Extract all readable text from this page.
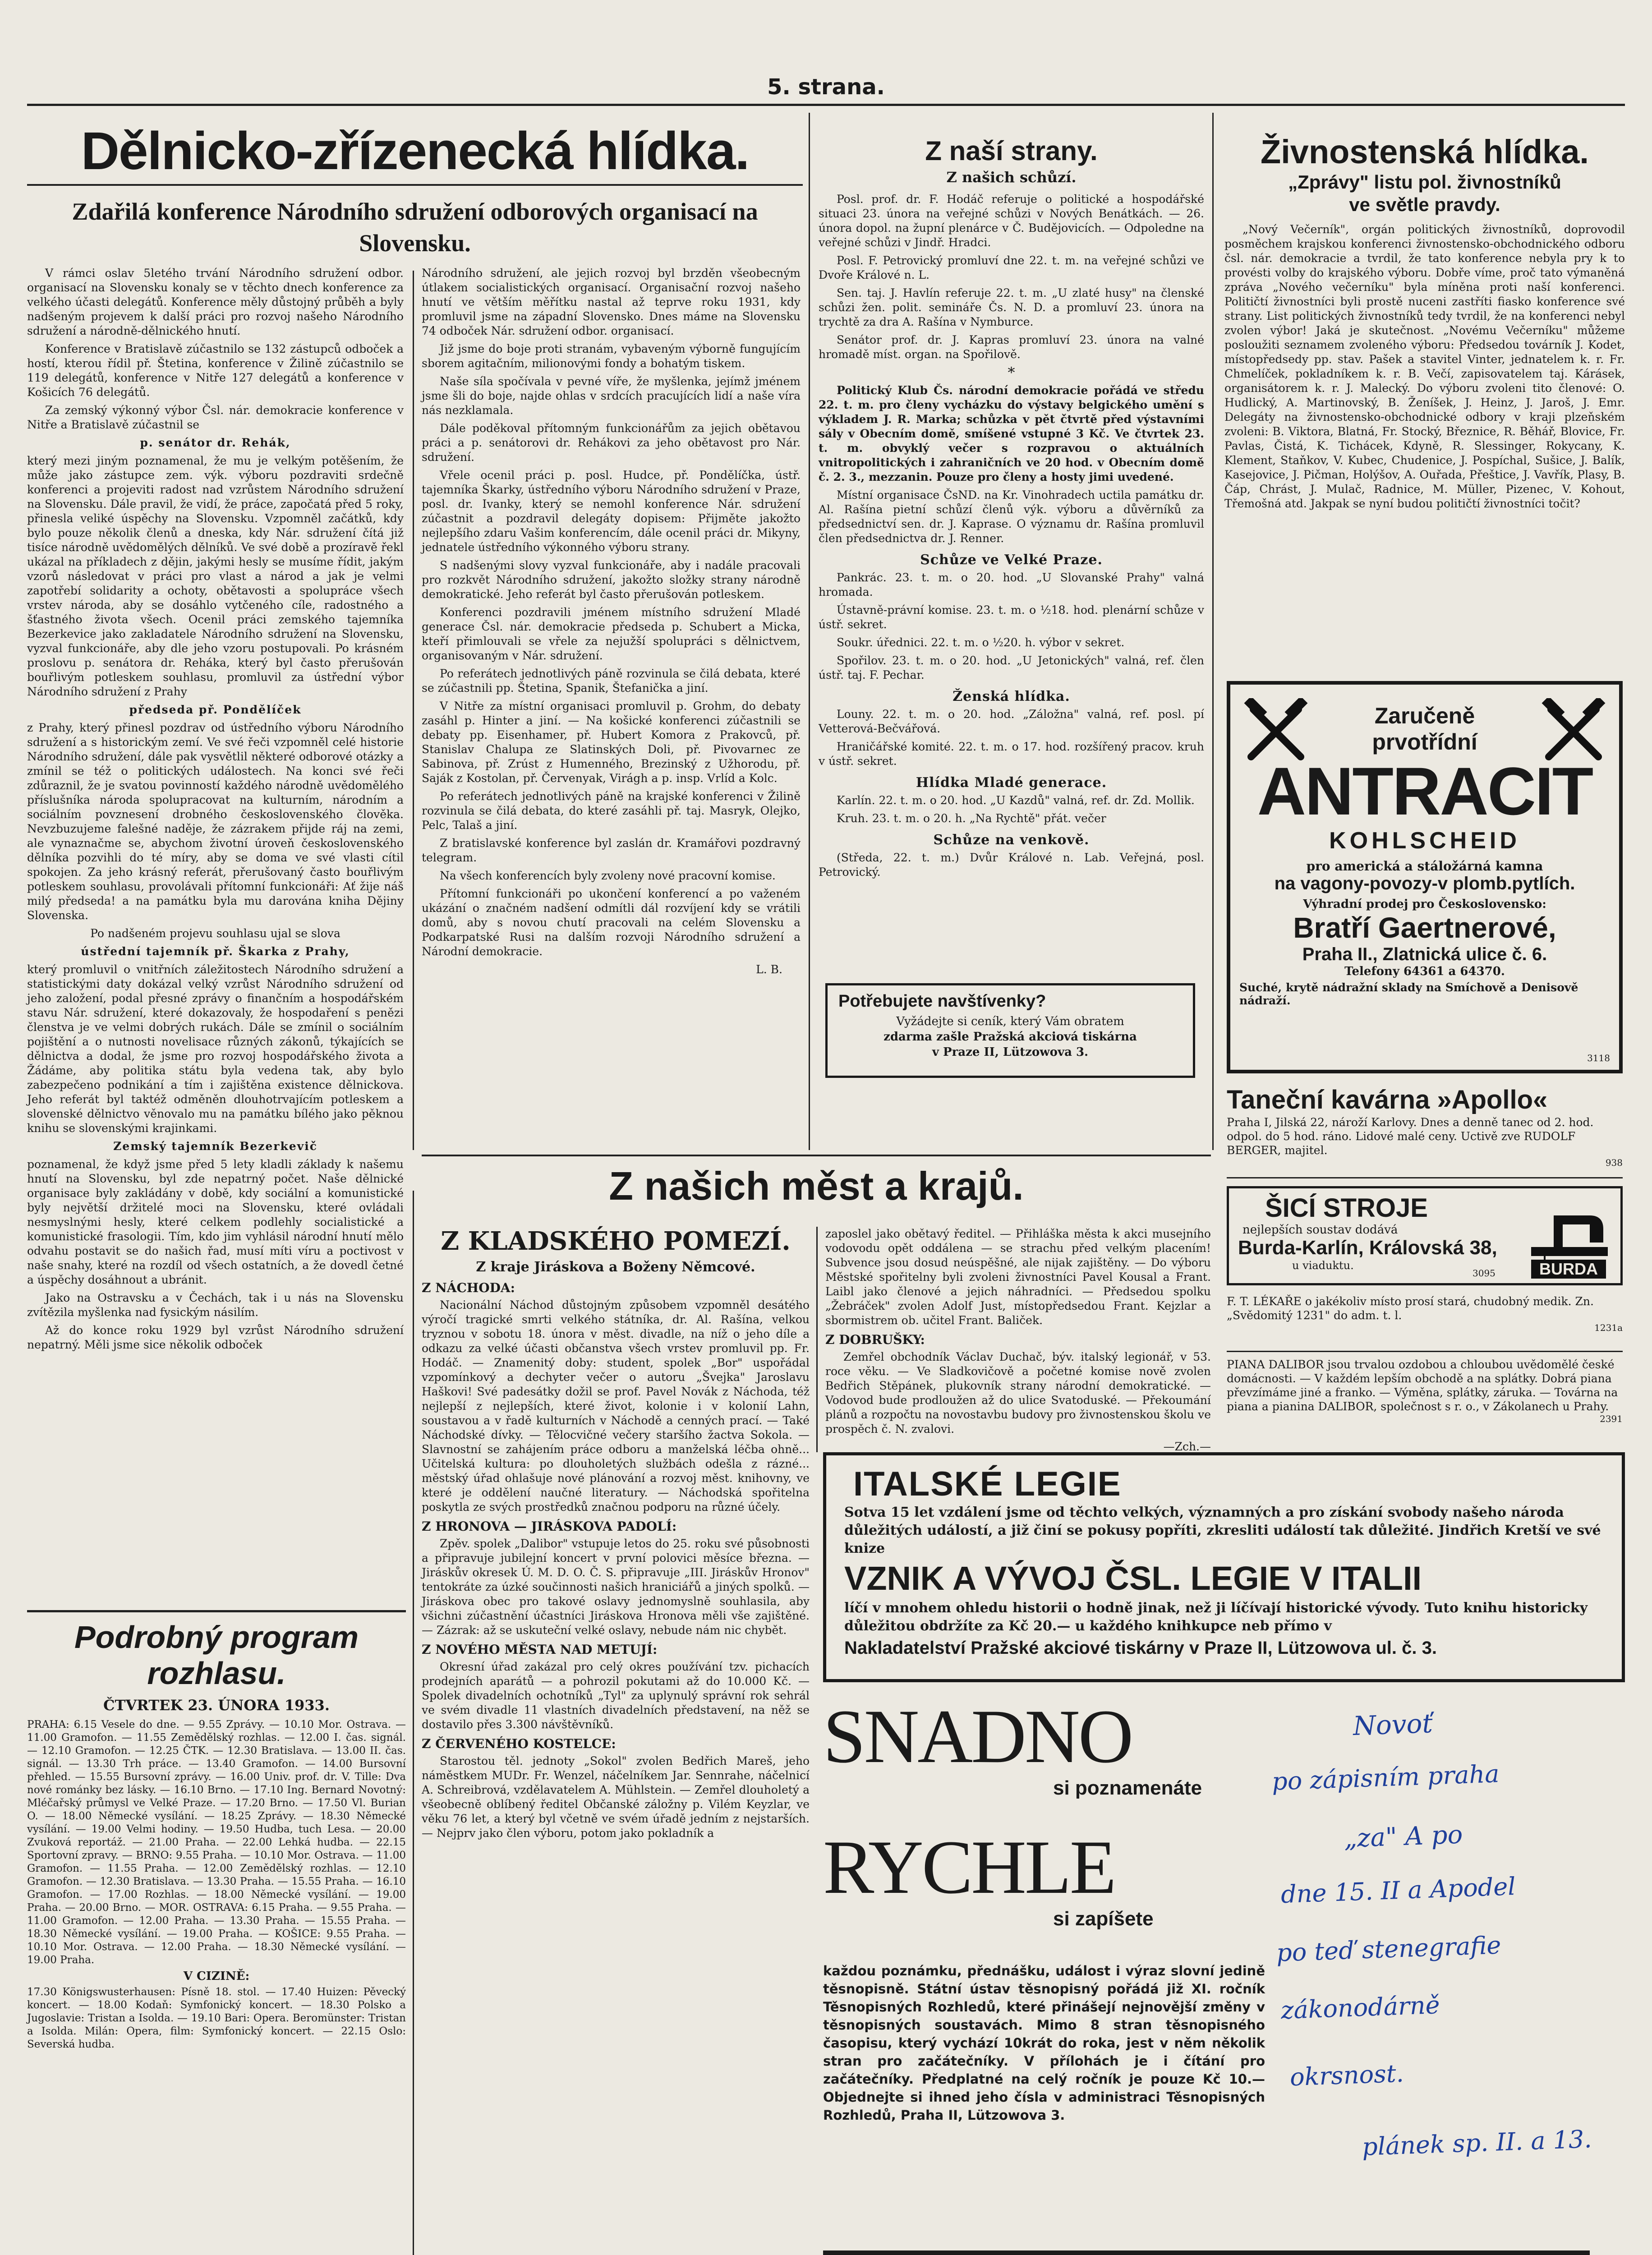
5. strana.
Dělnicko-zřízenecká hlídka.
Zdařilá konference Národního sdružení odborových organisací na Slovensku.

V rámci oslav 5letého trvání Národního sdružení odbor. organisací na Slovensku konaly se v těchto dnech konference za velkého účasti delegátů. Konference měly důstojný průběh a byly nadšeným projevem k další práci pro rozvoj našeho Národního sdružení a národně-dělnického hnutí.

Konference v Bratislavě zúčastnilo se 132 zástupců odboček a hostí, kterou řídil př. Štetina, konference v Žilině zúčastnilo se 119 delegátů, konference v Nitře 127 delegátů a konference v Košicích 76 delegátů.

Za zemský výkonný výbor Čsl. nár. demokracie konference v Nitře a Bratislavě zúčastnil se

p. senátor dr. Rehák,

který mezi jiným poznamenal, že mu je velkým potěšením, že může jako zástupce zem. výk. výboru pozdraviti srdečně konferenci a projeviti radost nad vzrůstem Národního sdružení na Slovensku. Dále pravil, že vidí, že práce, započatá před 5 roky, přinesla veliké úspěchy na Slovensku. Vzpomněl začátků, kdy bylo pouze několik členů a dneska, kdy Nár. sdružení čítá již tisíce národně uvědomělých dělníků. Ve své době a prozíravě řekl ukázal na příkladech z dějin, jakými hesly se musíme řídit, jakým vzorů následovat v práci pro vlast a národ a jak je velmi zapotřebí solidarity a ochoty, obětavosti a spolupráce všech vrstev národa, aby se dosáhlo vytčeného cíle, radostného a šťastného života všech. Ocenil práci zemského tajemníka Bezerkevice jako zakladatele Národního sdružení na Slovensku, vyzval funkcionáře, aby dle jeho vzoru postupovali. Po krásném proslovu p. senátora dr. Reháka, který byl často přerušován bouřlivým potleskem souhlasu, promluvil za ústřední výbor Národního sdružení z Prahy

předseda př. Pondělíček

z Prahy, který přinesl pozdrav od ústředního výboru Národního sdružení a s historickým zemí. Ve své řeči vzpomněl celé historie Národního sdružení, dále pak vysvětlil některé odborové otázky a zmínil se též o politických událostech. Na konci své řeči zdůraznil, že je svatou povinností každého národně uvědomělého příslušníka národa spolupracovat na kulturním, národním a sociálním povznesení drobného československého člověka. Nevzbuzujeme falešné naděje, že zázrakem přijde ráj na zemi, ale vynaznačme se, abychom životní úroveň československého dělníka pozvihli do té míry, aby se doma ve své vlasti cítil spokojen. Za jeho krásný referát, přerušovaný často bouřlivým potleskem souhlasu, provolávali přítomní funkcionáři: Ať žije náš milý předseda! a na památku byla mu darována kniha Dějiny Slovenska.

Po nadšeném projevu souhlasu ujal se slova

ústřední tajemník př. Škarka z Prahy,

který promluvil o vnitřních záležitostech Národního sdružení a statistickými daty dokázal velký vzrůst Národního sdružení od jeho založení, podal přesné zprávy o finančním a hospodářském stavu Nár. sdružení, které dokazovaly, že hospodaření s penězi členstva je ve velmi dobrých rukách. Dále se zmínil o sociálním pojištění a o nutnosti novelisace různých zákonů, týkajících se dělnictva a dodal, že jsme pro rozvoj hospodářského života a Žádáme, aby politika státu byla vedena tak, aby bylo zabezpečeno podnikání a tím i zajištěna existence dělnickova. Jeho referát byl taktéž odměněn dlouhotrvajícím potleskem a slovenské dělnictvo věnovalo mu na památku bílého jako pěknou knihu se slovenskými krajinkami.

Zemský tajemník Bezerkevič

poznamenal, že když jsme před 5 lety kladli základy k našemu hnutí na Slovensku, byl zde nepatrný počet. Naše dělnické organisace byly zakládány v době, kdy sociální a komunistické byly největší držitelé moci na Slovensku, které ovládali nesmyslnými hesly, které celkem podlehly socialistické a komunistické frasologii. Tím, kdo jim vyhlásil národní hnutí mělo odvahu postavit se do našich řad, musí míti víru a poctivost v naše snahy, které na rozdíl od všech ostatních, a že dovedl četné a úspěchy dosáhnout a ubránit.

Jako na Ostravsku a v Čechách, tak i u nás na Slovensku zvítězila myšlenka nad fysickým násilím.

Až do konce roku 1929 byl vzrůst Národního sdružení nepatrný. Měli jsme sice několik odboček

Národního sdružení, ale jejich rozvoj byl brzděn všeobecným útlakem socialistických organisací. Organisační rozvoj našeho hnutí ve větším měřítku nastal až teprve roku 1931, kdy promluvil jsme na západní Slovensko. Dnes máme na Slovensku 74 odboček Nár. sdružení odbor. organisací.

Již jsme do boje proti stranám, vybaveným výborně fungujícím sborem agitačním, milionovými fondy a bohatým tiskem.

Naše síla spočívala v pevné víře, že myšlenka, jejímž jménem jsme šli do boje, najde ohlas v srdcích pracujících lidí a naše víra nás nezklamala.

Dále poděkoval přítomným funkcionářům za jejich obětavou práci a p. senátorovi dr. Rehákovi za jeho obětavost pro Nár. sdružení.

Vřele ocenil práci p. posl. Hudce, př. Pondělíčka, ústř. tajemníka Škarky, ústředního výboru Národního sdružení v Praze, posl. dr. Ivanky, který se nemohl konference Nár. sdružení zúčastnit a pozdravil delegáty dopisem: Přijměte jakožto nejlepšího zdaru Vašim konferencím, dále ocenil práci dr. Mikyny, jednatele ústředního výkonného výboru strany.

S nadšenými slovy vyzval funkcionáře, aby i nadále pracovali pro rozkvět Národního sdružení, jakožto složky strany národně demokratické. Jeho referát byl často přerušován potleskem.

Konferenci pozdravili jménem místního sdružení Mladé generace Čsl. nár. demokracie předseda p. Schubert a Micka, kteří přimlouvali se vřele za nejužší spolupráci s dělnictvem, organisovaným v Nár. sdružení.

Po referátech jednotlivých páně rozvinula se čilá debata, které se zúčastnili pp. Štetina, Spanik, Štefanička a jiní.

V Nitře za místní organisaci promluvil p. Grohm, do debaty zasáhl p. Hinter a jiní. — Na košické konferenci zúčastnili se debaty pp. Eisenhamer, př. Hubert Komora z Prakovců, př. Stanislav Chalupa ze Slatinských Doli, př. Pivovarnec ze Sabinova, př. Zrúst z Humenného, Brezinský z Užhorodu, př. Saják z Kostolan, př. Červenyak, Virágh a p. insp. Vrlíd a Kolc.

Po referátech jednotlivých páně na krajské konferenci v Žilině rozvinula se čilá debata, do které zasáhli př. taj. Masryk, Olejko, Pelc, Talaš a jiní.

Z bratislavské konference byl zaslán dr. Kramářovi pozdravný telegram.

Na všech konferencích byly zvoleny nové pracovní komise.

Přítomní funkcionáři po ukončení konferencí a po važeném ukázání o značném nadšení odmítli dál rozvíjení kdy se vrátili domů, aby s novou chutí pracovali na celém Slovensku a Podkarpatské Rusi na dalším rozvoji Národního sdružení a Národní demokracie.

L. B.

Z naší strany.
Z našich schůzí.

Posl. prof. dr. F. Hodáč referuje o politické a hospodářské situaci 23. února na veřejné schůzi v Nových Benátkách. — 26. února dopol. na župní plenárce v Č. Budějovicích. — Odpoledne na veřejné schůzi v Jindř. Hradci.

Posl. F. Petrovický promluví dne 22. t. m. na veřejné schůzi ve Dvoře Králové n. L.

Sen. taj. J. Havlín referuje 22. t. m. „U zlaté husy" na členské schůzi žen. polit. semináře Čs. N. D. a promluví 23. února na trychtě za dra A. Rašína v Nymburce.

Senátor prof. dr. J. Kapras promluví 23. února na valné hromadě míst. organ. na Spořilově.

*

Politický Klub Čs. národní demokracie pořádá ve středu 22. t. m. pro členy vycházku do výstavy belgického umění s výkladem J. R. Marka; schůzka v pět čtvrtě před výstavními sály v Obecním domě, smíšené vstupné 3 Kč. Ve čtvrtek 23. t. m. obvyklý večer s rozpravou o aktuálních vnitropolitických i zahraničních ve 20 hod. v Obecním domě č. 2. 3., mezzanin. Pouze pro členy a hosty jimi uvedené.

Místní organisace ČsND. na Kr. Vinohradech uctila památku dr. Al. Rašína pietní schůzí členů výk. výboru a důvěrníků za předsednictví sen. dr. J. Kaprase. O významu dr. Rašína promluvil člen předsednictva dr. J. Renner.

Schůze ve Velké Praze.

Pankrác. 23. t. m. o 20. hod. „U Slovanské Prahy" valná hromada.

Ústavně-právní komise. 23. t. m. o ½18. hod. plenární schůze v ústř. sekret.

Soukr. úřednici. 22. t. m. o ½20. h. výbor v sekret.

Spořilov. 23. t. m. o 20. hod. „U Jetonických" valná, ref. člen ústř. taj. F. Pechar.

Ženská hlídka.

Louny. 22. t. m. o 20. hod. „Záložna" valná, ref. posl. pí Vetterová-Bečvářová.

Hraničářské komité. 22. t. m. o 17. hod. rozšířený pracov. kruh v ústř. sekret.

Hlídka Mladé generace.

Karlín. 22. t. m. o 20. hod. „U Kazdů" valná, ref. dr. Zd. Mollik.

Kruh. 23. t. m. o 20. h. „Na Rychtě" přát. večer

Schůze na venkově.

(Středa, 22. t. m.) Dvůr Králové n. Lab. Veřejná, posl. Petrovický.

Potřebujete navštívenky?
Vyžádejte si ceník, který Vám obratem
zdarma zašle Pražská akciová tiskárna
v Praze II, Lützowova 3.
Živnostenská hlídka.
„Zprávy" listu pol. živnostníků
ve světle pravdy.

„Nový Večerník", orgán politických živnostníků, doprovodil posměchem krajskou konferenci živnostensko-obchodnického odboru čsl. nár. demokracie a tvrdil, že tato konference nebyla pry k to provésti volby do krajského výboru. Dobře víme, proč tato výmaněná zpráva „Nového večerníku" byla míněna proti naší konferenci. Političtí živnostníci byli prostě nuceni zastříti fiasko konference své strany. List politických živnostníků tedy tvrdil, že na konferenci nebyl zvolen výbor! Jaká je skutečnost. „Novému Večerníku" můžeme posloužiti seznamem zvoleného výboru: Předsedou továrník J. Kodet, místopředsedy pp. stav. Pašek a stavitel Vinter, jednatelem k. r. Fr. Chmelíček, pokladníkem k. r. B. Večí, zapisovatelem taj. Kárásek, organisátorem k. r. J. Malecký. Do výboru zvoleni tito členové: O. Hudlický, A. Martinovský, B. Ženíšek, J. Heinz, J. Jaroš, J. Emr. Delegáty na živnostensko-obchodnické odbory v kraji plzeňském zvoleni: B. Viktora, Blatná, Fr. Stocký, Březnice, R. Běhář, Blovice, Fr. Pavlas, Čistá, K. Tichácek, Kdyně, R. Slessinger, Rokycany, K. Klement, Staňkov, V. Kubec, Chudenice, J. Pospíchal, Sušice, J. Balík, Kasejovice, J. Pičman, Holýšov, A. Ouřada, Přeštice, J. Vavřík, Plasy, B. Čáp, Chrást, J. Mulač, Radnice, M. Müller, Pizenec, V. Kohout, Třemošná atd. Jakpak se nyní budou političtí živnostníci točit?

Zaručeně
prvotřídní
ANTRACIT
KOHLSCHEID
pro americká a stáložárná kamna
na vagony-povozy-v plomb.pytlích.
Výhradní prodej pro Československo:
Bratří Gaertnerové,
Praha II., Zlatnická ulice č. 6.
Telefony 64361 a 64370.
Suché, krytě nádražní sklady na Smíchově a Denisově nádraží.
3118
Taneční kavárna »Apollo«
Praha I, Jilská 22, nároží Karlovy. Dnes a denně tanec od 2. hod. odpol. do 5 hod. ráno. Lidové malé ceny. Uctivě zve RUDOLF BERGER, majitel.
938
ŠICÍ STROJE
nejlepších soustav dodává
Burda-Karlín, Královská 38,
u viaduktu.
3095	BURDA
F. T. LÉKAŘE o jakékoliv místo prosí stará, chudobný medik. Zn. „Svědomitý 1231" do adm. t. l.
1231a
PIANA DALIBOR jsou trvalou ozdobou a chloubou uvědomělé české domácnosti. — V každém lepším obchodě a na splátky. Dobrá piana převzímáme jiné a franko. — Výměna, splátky, záruka. — Továrna na piana a pianina DALIBOR, společnost s r. o., v Zákolanech u Prahy.
2391
Podrobný program rozhlasu.
ČTVRTEK 23. ÚNORA 1933.

PRAHA: 6.15 Vesele do dne. — 9.55 Zprávy. — 10.10 Mor. Ostrava. — 11.00 Gramofon. — 11.55 Zemědělský rozhlas. — 12.00 I. čas. signál. — 12.10 Gramofon. — 12.25 ČTK. — 12.30 Bratislava. — 13.00 II. čas. signál. — 13.30 Trh práce. — 13.40 Gramofon. — 14.00 Bursovní přehled. — 15.55 Bursovní zprávy. — 16.00 Univ. prof. dr. V. Tille: Dva nové románky bez lásky. — 16.10 Brno. — 17.10 Ing. Bernard Novotný: Mléčařský průmysl ve Velké Praze. — 17.20 Brno. — 17.50 Vl. Burian O. — 18.00 Německé vysílání. — 18.25 Zprávy. — 18.30 Německé vysílání. — 19.00 Velmi hodiny. — 19.50 Hudba, tuch Lesa. — 20.00 Zvuková reportáž. — 21.00 Praha. — 22.00 Lehká hudba. — 22.15 Sportovní zpravy. — BRNO: 9.55 Praha. — 10.10 Mor. Ostrava. — 11.00 Gramofon. — 11.55 Praha. — 12.00 Zemědělský rozhlas. — 12.10 Gramofon. — 12.30 Bratislava. — 13.30 Praha. — 15.55 Praha. — 16.10 Gramofon. — 17.00 Rozhlas. — 18.00 Německé vysílání. — 19.00 Praha. — 20.00 Brno. — MOR. OSTRAVA: 6.15 Praha. — 9.55 Praha. — 11.00 Gramofon. — 12.00 Praha. — 13.30 Praha. — 15.55 Praha. — 18.30 Německé vysílání. — 19.00 Praha. — KOŠICE: 9.55 Praha. — 10.10 Mor. Ostrava. — 12.00 Praha. — 18.30 Německé vysílání. — 19.00 Praha.

V CIZINĚ:

17.30 Königswusterhausen: Písně 18. stol. — 17.40 Huizen: Pěvecký koncert. — 18.00 Kodaň: Symfonický koncert. — 18.30 Polsko a Jugoslavie: Tristan a Isolda. — 19.10 Bari: Opera. Beromünster: Tristan a Isolda. Milán: Opera, film: Symfonický koncert. — 22.15 Oslo: Severská hudba.

Z našich měst a krajů.
Z KLADSKÉHO POMEZÍ.
Z kraje Jiráskova a Boženy Němcové.
Z NÁCHODA:

Nacionální Náchod důstojným způsobem vzpomněl desátého výročí tragické smrti velkého státníka, dr. Al. Rašína, velkou tryznou v sobotu 18. února v měst. divadle, na níž o jeho díle a odkazu za velké účasti občanstva všech vrstev promluvil pp. Fr. Hodáč. — Znamenitý doby: student, spolek „Bor" uspořádal vzpomínkový a dechyter večer o autoru „Švejka" Jaroslavu Haškovi! Své padesátky dožil se prof. Pavel Novák z Náchoda, též nejlepší z nejlepších, které život, kolonie i v kolonií Lahn, soustavou a v řadě kulturních v Náchodě a cenných prací. — Také Náchodské dívky. — Tělocvičné večery staršího žactva Sokola. — Slavnostní se zahájením práce odboru a manželská léčba ohně... Učitelská kultura: po dlouholetých službách odešla z rázné... městský úřad ohlašuje nové plánování a rozvoj měst. knihovny, ve které je oddělení naučné literatury. — Náchodská spořitelna poskytla ze svých prostředků značnou podporu na různé účely.

Z HRONOVA — JIRÁSKOVA PADOLÍ:

Zpěv. spolek „Dalibor" vstupuje letos do 25. roku své působnosti a připravuje jubilejní koncert v první polovici měsíce března. — Jiráskův okresek Ú. M. D. O. Č. S. připravuje „III. Jiráskův Hronov" tentokráte za úzké součinnosti našich hraniciářů a jiných spolků. — Jiráskova obec pro takové oslavy jednomyslně souhlasila, aby všichni zúčastnění účastníci Jiráskova Hronova měli vše zajištěné. — Zázrak: až se uskuteční velké oslavy, nebude nám nic chybět.

Z NOVÉHO MĚSTA NAD METUJÍ:

Okresní úřad zakázal pro celý okres používání tzv. pichacích prodejních aparátů — a pohrozil pokutami až do 10.000 Kč. — Spolek divadelních ochotníků „Tyl" za uplynulý správní rok sehrál ve svém divadle 11 vlastních divadelních představení, na něž se dostavilo přes 3.300 návštěvníků.

Z ČERVENÉHO KOSTELCE:

Starostou těl. jednoty „Sokol" zvolen Bedřich Mareš, jeho náměstkem MUDr. Fr. Wenzel, náčelníkem Jar. Sennrahe, náčelnicí A. Schreibrová, vzdělavatelem A. Mühlstein. — Zemřel dlouholetý a všeobecně oblíbený ředitel Občanské záložny p. Vilém Keyzlar, ve věku 76 let, a který byl včetně ve svém úřadě jedním z nejstarších. — Nejprv jako člen výboru, potom jako pokladník a

zaposlel jako obětavý ředitel. — Přihláška města k akci musejního vodovodu opět oddálena — se strachu před velkým placením! Subvence jsou dosud neúspěšné, ale nijak zajištěny. — Do výboru Městské spořitelny byli zvoleni živnostníci Pavel Kousal a Frant. Laibl jako členové a jejich náhradníci. — Předsedou spolku „Žebráček" zvolen Adolf Just, místopředsedou Frant. Kejzlar a sbormistrem ob. učitel Frant. Baliček.

Z DOBRUŠKY:

Zemřel obchodník Václav Duchač, býv. italský legionář, v 53. roce věku. — Ve Sladkovičově a početné komise nově zvolen Bedřich Stěpánek, plukovník strany národní demokratické. — Vodovod bude prodloužen až do ulice Svatoduské. — Překoumání plánů a rozpočtu na novostavbu budovy pro živnostenskou školu ve prospěch č. N. zvalovi.

—Zch.—
ITALSKÉ LEGIE
Sotva 15 let vzdálení jsme od těchto velkých, významných a pro získání svobody našeho národa důležitých událostí, a již činí se pokusy popříti, zkresliti událostí tak důležité. Jindřich Kretší ve své knize
VZNIK A VÝVOJ ČSL. LEGIE V ITALII
líčí v mnohem ohledu historii o hodně jinak, než ji líčívají historické vývody. Tuto knihu historicky důležitou obdržíte za Kč 20.— u každého knihkupce neb přímo v
Nakladatelství Pražské akciové tiskárny v Praze II, Lützowova ul. č. 3.
SNADNO
si poznamenáte
RYCHLE
si zapíšete

každou poznámku, přednášku, událost i výraz slovní jedině těsnopisně. Státní ústav těsnopisný pořádá již XI. ročník Těsnopisných Rozhledů, které přinášejí nejnovější změny v těsnopisných soustavách. Mimo 8 stran těsnopisného časopisu, který vychází 10krát do roka, jest v něm několik stran pro začátečníky. V přílohách je i čítání pro začátečníky. Předplatné na celý ročník je pouze Kč 10.— Objednejte si ihned jeho čísla v administraci Těsnopisných Rozhledů, Praha II, Lützowova 3.

Novoť
po zápisním praha
„za" A po
dne 15. II a Apodel
po teď stenegrafie
zákonodárně
okrsnost.
plánek sp. II. a 13.
